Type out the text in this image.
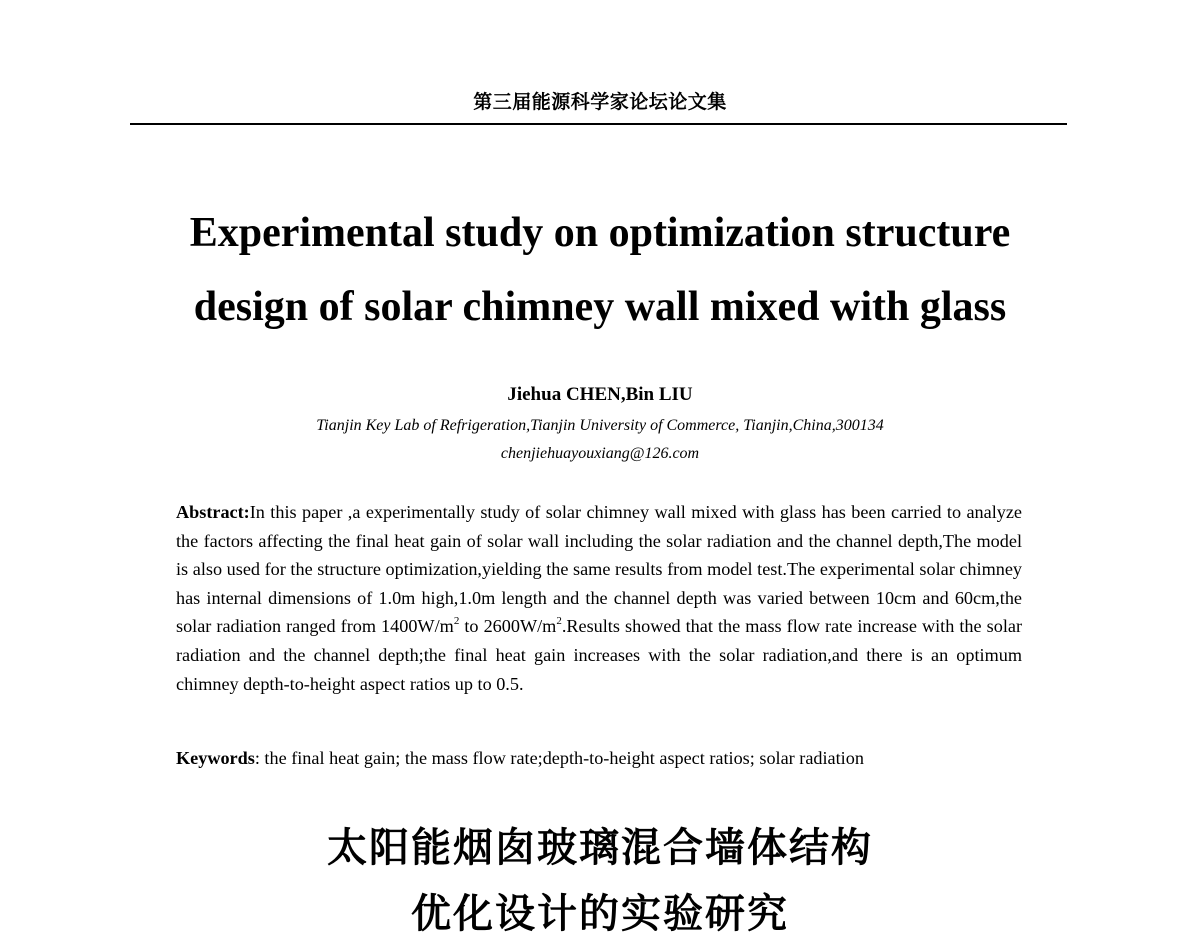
第三届能源科学家论坛论文集
Experimental study on optimization structure
design of solar chimney wall mixed with glass
Jiehua CHEN,Bin LIU
Tianjin Key Lab of Refrigeration,Tianjin University of Commerce, Tianjin,China,300134
chenjiehuayouxiang@126.com

Abstract:In this paper ,a experimentally study of solar chimney wall mixed with glass has been carried to analyze the factors affecting the final heat gain of solar wall including the solar radiation and the channel depth,The model is also used for the structure optimization,yielding the same results from model test.The experimental solar chimney has internal dimensions of 1.0m high,1.0m length and the channel depth was varied between 10cm and 60cm,the solar radiation ranged from $1400W/m^2$ to $2600W/m^2.Results$ showed that the mass flow rate increase with the solar radiation and the channel depth;the final heat gain increases with the solar radiation,and there is an optimum chimney depth-to-height aspect ratios up to 0.5.

Keywords: the final heat gain; the mass flow rate;depth-to-height aspect ratios; solar radiation

太阳能烟囱玻璃混合墙体结构
优化设计的实验研究
